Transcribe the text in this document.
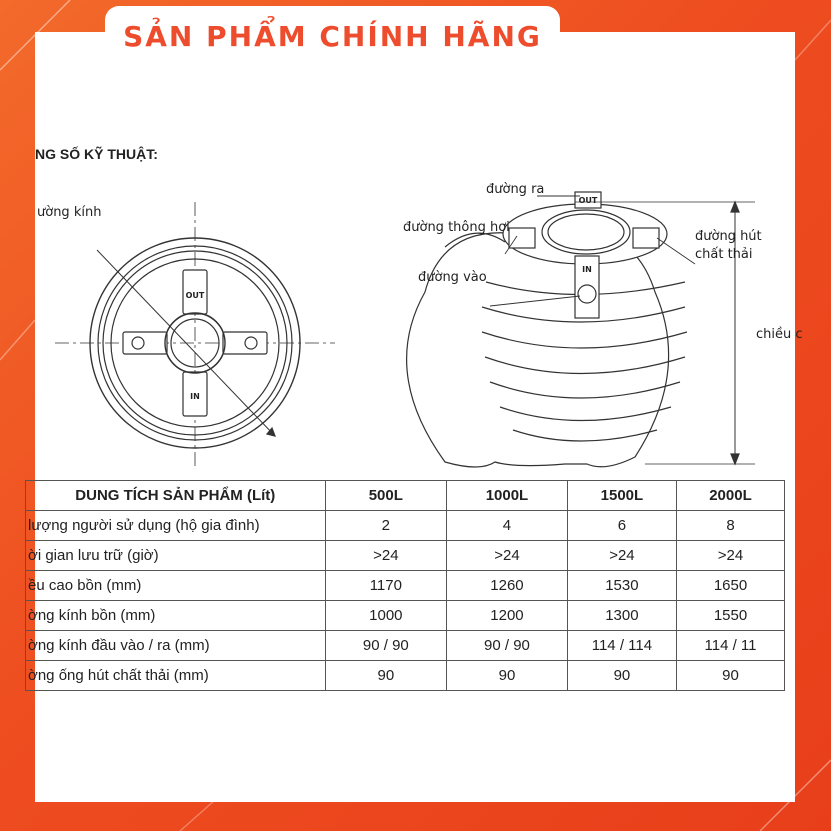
NG SỐ KỸ THUẬT:
OUT
IN
OUT
IN
ường kính
đường ra
đường thông hơi
đường vào
đường hút
chất thải
chiều c
DUNG TÍCH SẢN PHẨM (Lít)	500L	1000L	1500L	2000L
lượng người sử dụng (hộ gia đình)	2	4	6	8
ời gian lưu trữ (giờ)	>24	>24	>24	>24
ều cao bồn (mm)	1170	1260	1530	1650
ờng kính bồn (mm)	1000	1200	1300	1550
ờng kính đầu vào / ra (mm)	90 / 90	90 / 90	114 / 114	114 / 11
ờng ống hút chất thải (mm)	90	90	90	90
SẢN PHẨM CHÍNH HÃNG
